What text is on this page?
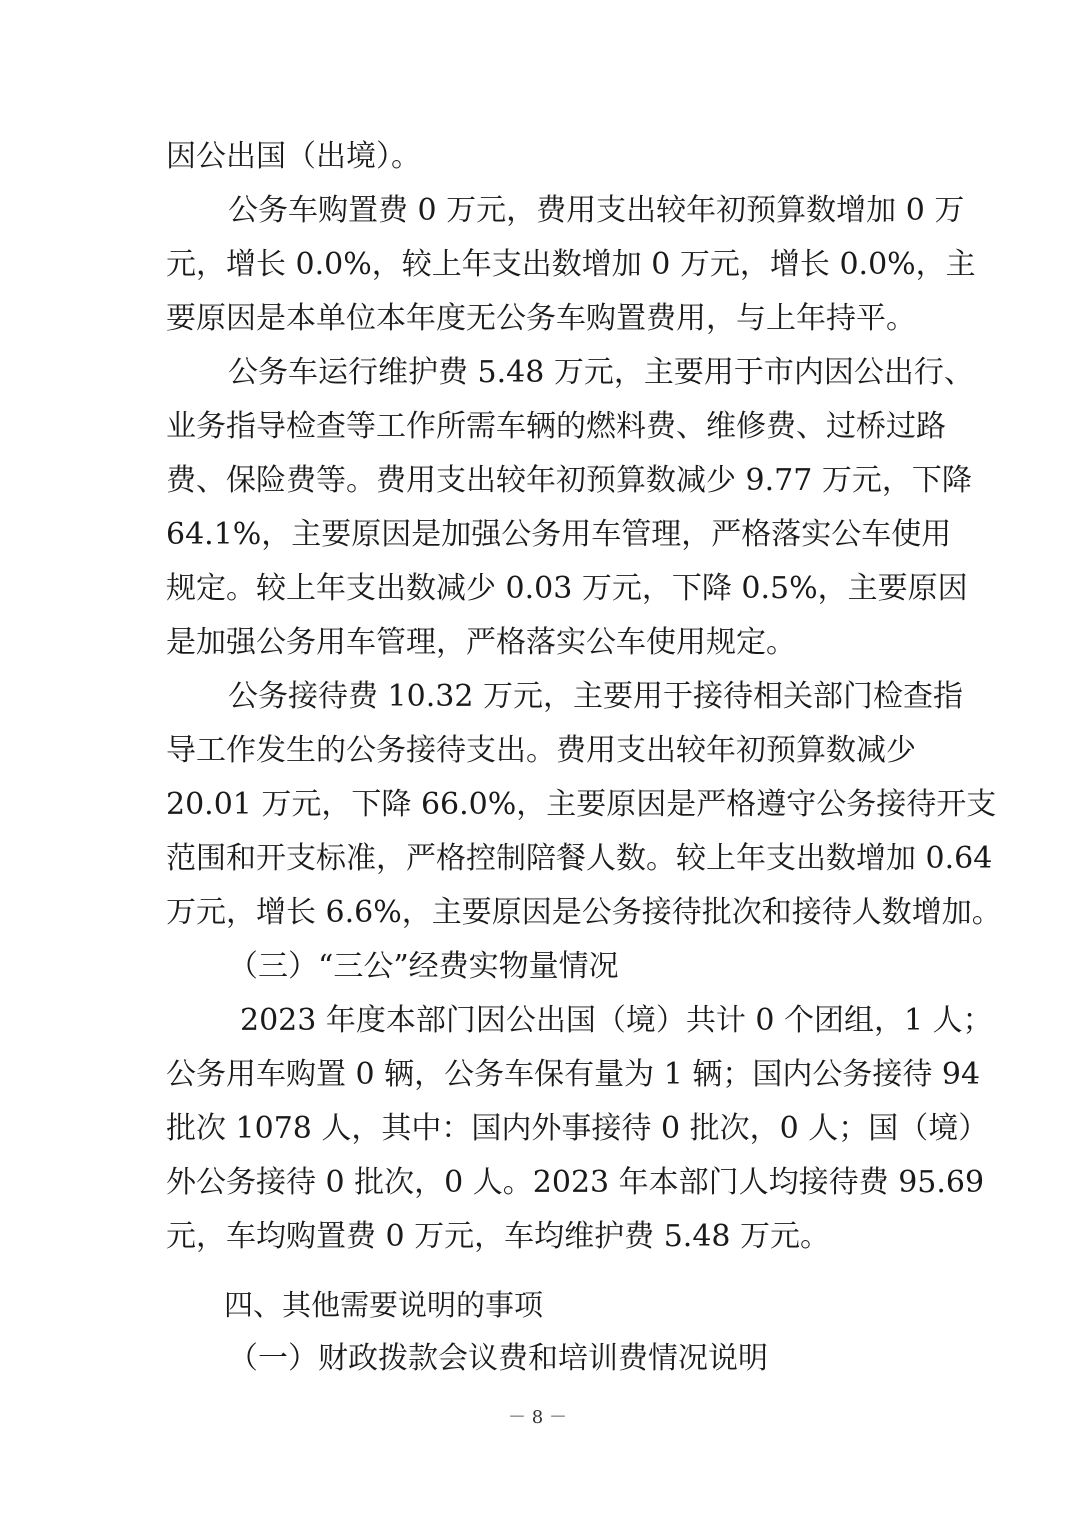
因公出国（出境）。
公务车购置费 0 万元，费用支出较年初预算数增加 0 万
元，增长 0.0%，较上年支出数增加 0 万元，增长 0.0%，主
要原因是本单位本年度无公务车购置费用，与上年持平。
公务车运行维护费 5.48 万元，主要用于市内因公出行、
业务指导检查等工作所需车辆的燃料费、维修费、过桥过路
费、保险费等。费用支出较年初预算数减少 9.77 万元，下降
64.1%，主要原因是加强公务用车管理，严格落实公车使用
规定。较上年支出数减少 0.03 万元，下降 0.5%，主要原因
是加强公务用车管理，严格落实公车使用规定。
公务接待费 10.32 万元，主要用于接待相关部门检查指
导工作发生的公务接待支出。费用支出较年初预算数减少
20.01 万元，下降 66.0%，主要原因是严格遵守公务接待开支
范围和开支标准，严格控制陪餐人数。较上年支出数增加 0.64
万元，增长 6.6%，主要原因是公务接待批次和接待人数增加。
（三）“三公”经费实物量情况
2023 年度本部门因公出国（境）共计 0 个团组，1 人；
公务用车购置 0 辆，公务车保有量为 1 辆；国内公务接待 94
批次 1078 人，其中：国内外事接待 0 批次，0 人；国（境）
外公务接待 0 批次，0 人。2023 年本部门人均接待费 95.69
元，车均购置费 0 万元，车均维护费 5.48 万元。
四、其他需要说明的事项
（一）财政拨款会议费和培训费情况说明
－ 8 －
